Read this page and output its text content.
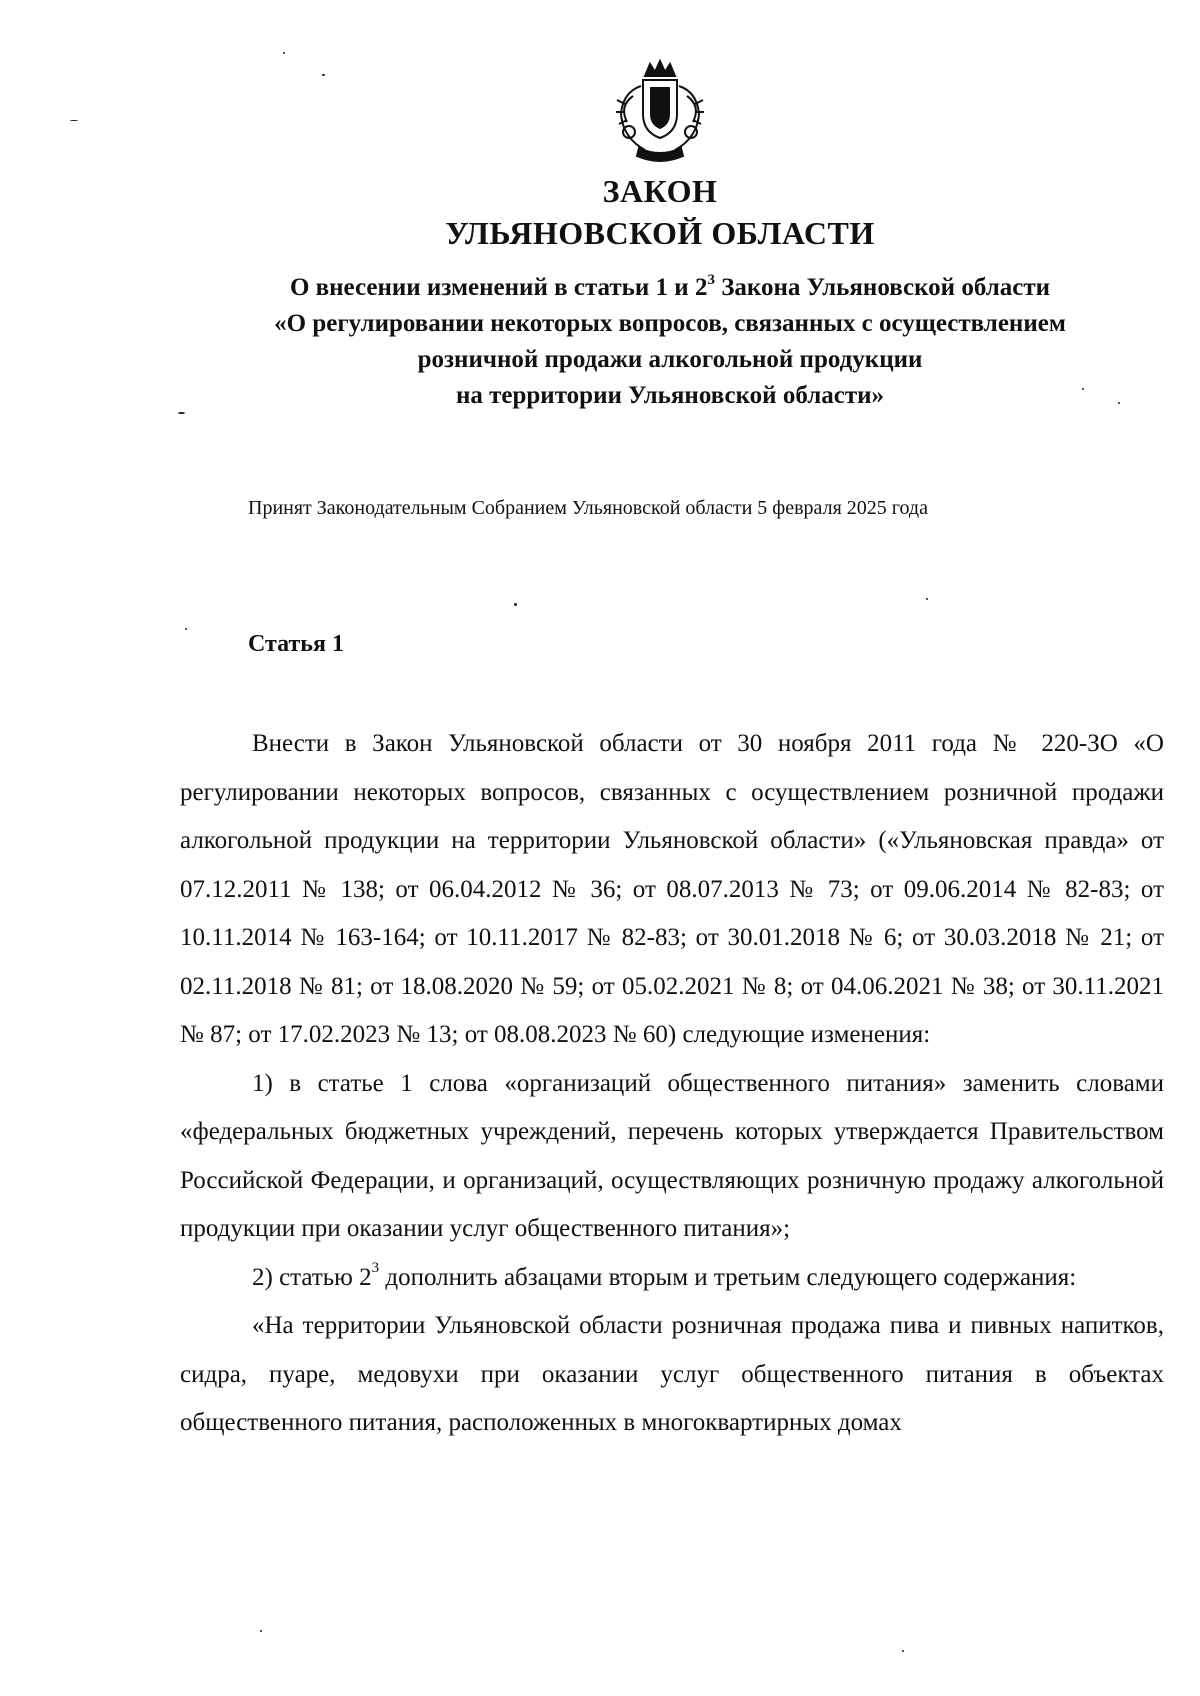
ЗАКОН
УЛЬЯНОВСКОЙ ОБЛАСТИ
О внесении изменений в статьи 1 и $2^3$ Закона Ульяновской области
«О регулировании некоторых вопросов, связанных с осуществлением
розничной продажи алкогольной продукции
на территории Ульяновской области»
Принят Законодательным Собранием Ульяновской области 5 февраля 2025 года
Статья 1

Внести в Закон Ульяновской области от 30 ноября 2011 года № 220-ЗО «О регулировании некоторых вопросов, связанных с осуществлением розничной продажи алкогольной продукции на территории Ульяновской области» («Ульяновская правда» от 07.12.2011 № 138; от 06.04.2012 № 36; от 08.07.2013 № 73; от 09.06.2014 № 82-83; от 10.11.2014 № 163-164; от 10.11.2017 № 82-83; от 30.01.2018 № 6; от 30.03.2018 № 21; от 02.11.2018 № 81; от 18.08.2020 № 59; от 05.02.2021 № 8; от 04.06.2021 № 38; от 30.11.2021 № 87; от 17.02.2023 № 13; от 08.08.2023 № 60) следующие изменения:

1) в статье 1 слова «организаций общественного питания» заменить словами «федеральных бюджетных учреждений, перечень которых утверждается Правительством Российской Федерации, и организаций, осуществляющих розничную продажу алкогольной продукции при оказании услуг общественного питания»;

2) статью $2^3$ дополнить абзацами вторым и третьим следующего содержания:

«На территории Ульяновской области розничная продажа пива и пивных напитков, сидра, пуаре, медовухи при оказании услуг общественного питания в объектах общественного питания, расположенных в многоквартирных домах
